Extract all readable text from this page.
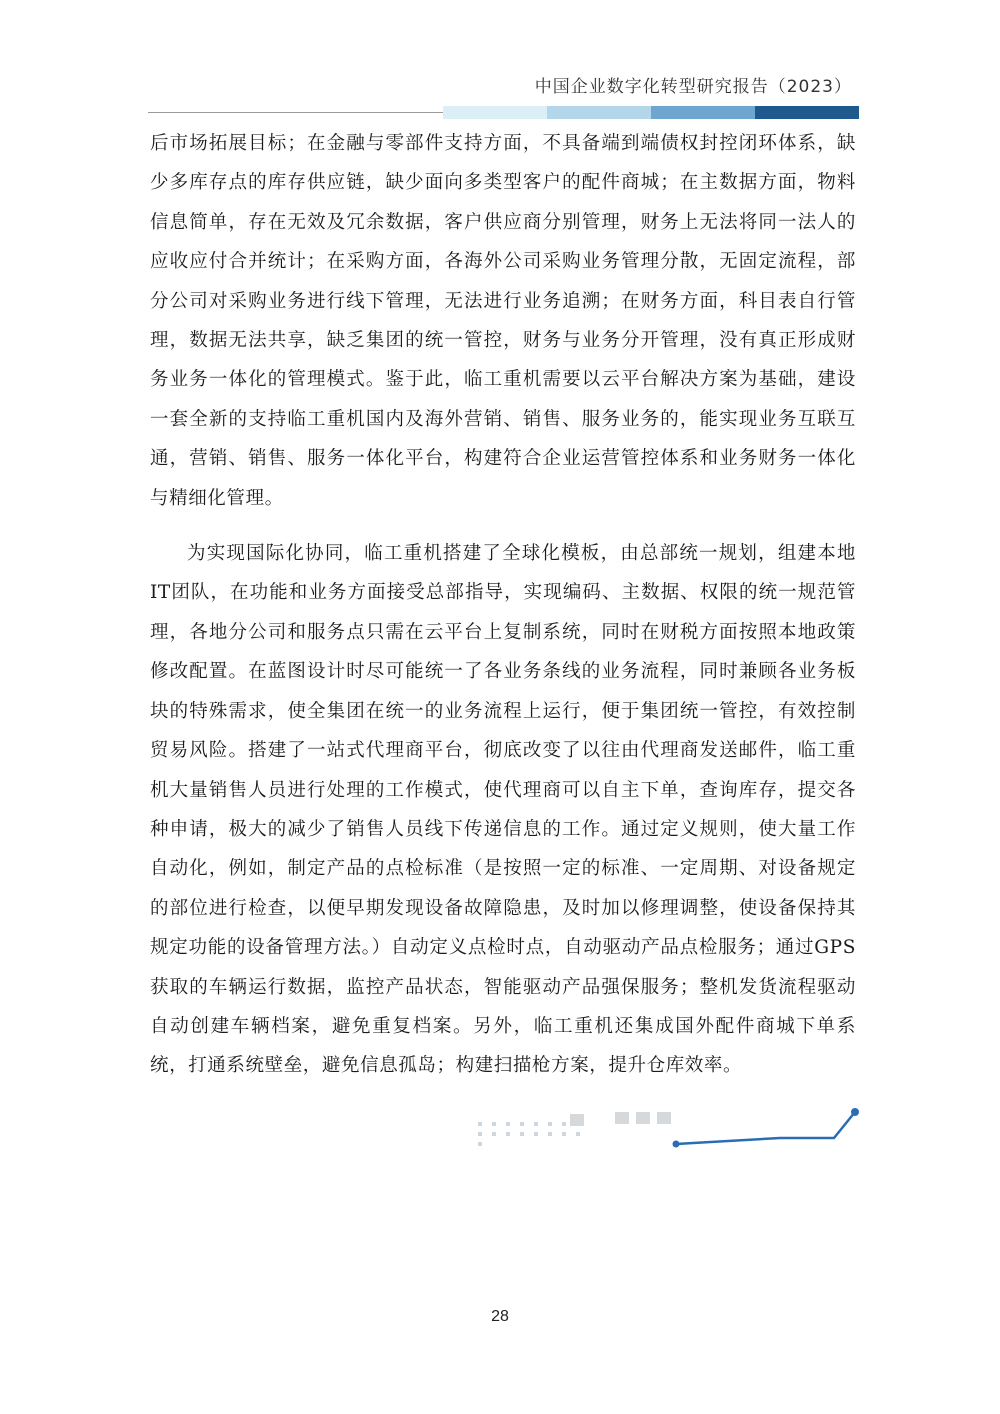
中国企业数字化转型研究报告（2023）

后市场拓展目标；在金融与零部件支持方面，不具备端到端债权封控闭环体系，缺少多库存点的库存供应链，缺少面向多类型客户的配件商城；在主数据方面，物料信息简单，存在无效及冗余数据，客户供应商分别管理，财务上无法将同一法人的应收应付合并统计；在采购方面，各海外公司采购业务管理分散，无固定流程，部分公司对采购业务进行线下管理，无法进行业务追溯；在财务方面，科目表自行管理，数据无法共享，缺乏集团的统一管控，财务与业务分开管理，没有真正形成财务业务一体化的管理模式。鉴于此，临工重机需要以云平台解决方案为基础，建设一套全新的支持临工重机国内及海外营销、销售、服务业务的，能实现业务互联互通，营销、销售、服务一体化平台，构建符合企业运营管控体系和业务财务一体化与精细化管理。

为实现国际化协同，临工重机搭建了全球化模板，由总部统一规划，组建本地IT团队，在功能和业务方面接受总部指导，实现编码、主数据、权限的统一规范管理，各地分公司和服务点只需在云平台上复制系统，同时在财税方面按照本地政策修改配置。在蓝图设计时尽可能统一了各业务条线的业务流程，同时兼顾各业务板块的特殊需求，使全集团在统一的业务流程上运行，便于集团统一管控，有效控制贸易风险。搭建了一站式代理商平台，彻底改变了以往由代理商发送邮件，临工重机大量销售人员进行处理的工作模式，使代理商可以自主下单，查询库存，提交各种申请，极大的减少了销售人员线下传递信息的工作。通过定义规则，使大量工作自动化，例如，制定产品的点检标准（是按照一定的标准、一定周期、对设备规定的部位进行检查，以便早期发现设备故障隐患，及时加以修理调整，使设备保持其规定功能的设备管理方法。）自动定义点检时点，自动驱动产品点检服务；通过GPS获取的车辆运行数据，监控产品状态，智能驱动产品强保服务；整机发货流程驱动自动创建车辆档案，避免重复档案。另外，临工重机还集成国外配件商城下单系统，打通系统壁垒，避免信息孤岛；构建扫描枪方案，提升仓库效率。

28
